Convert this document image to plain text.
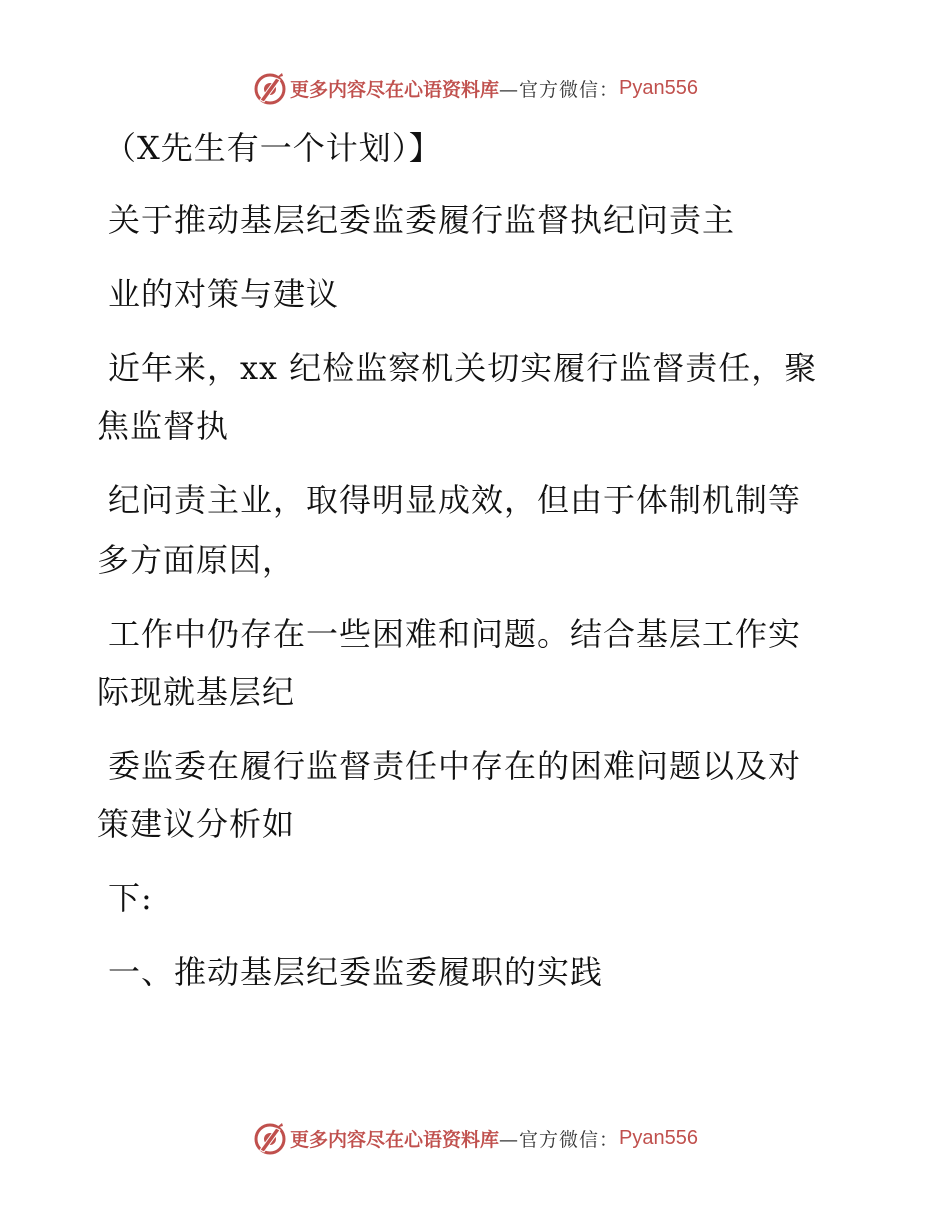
更多内容尽在心语资料库 —官方微信： Pyan556
（X先生有一个计划）】
关于推动基层纪委监委履行监督执纪问责主
业的对策与建议
近年来，xx 纪检监察机关切实履行监督责任，聚
焦监督执
纪问责主业，取得明显成效，但由于体制机制等
多方面原因，
工作中仍存在一些困难和问题。结合基层工作实
际现就基层纪
委监委在履行监督责任中存在的困难问题以及对
策建议分析如
下:
一、推动基层纪委监委履职的实践
更多内容尽在心语资料库 —官方微信： Pyan556
